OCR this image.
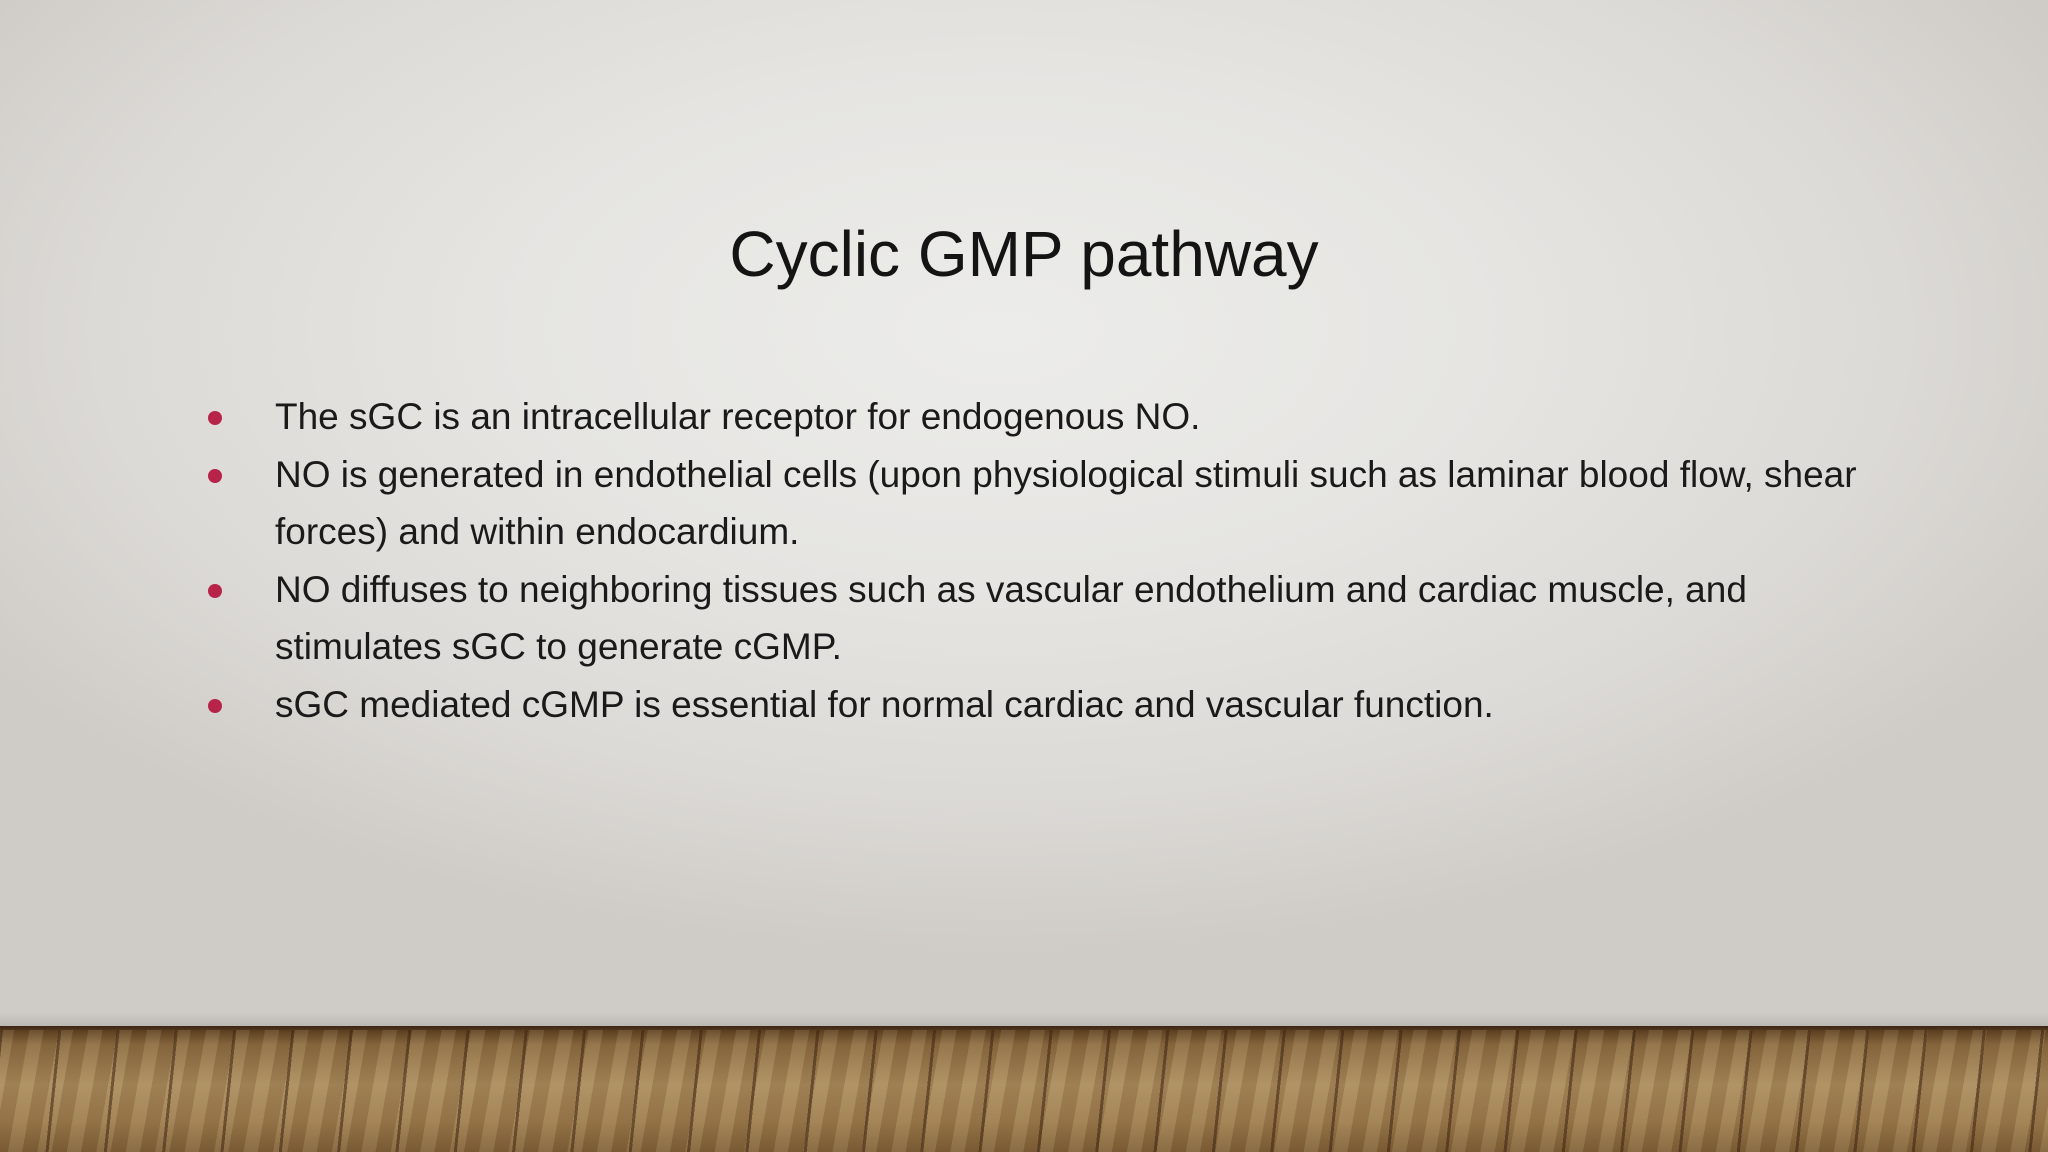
Cyclic GMP pathway
The sGC is an intracellular receptor for endogenous NO.
NO is generated in endothelial cells (upon physiological stimuli such as laminar blood flow, shear forces) and within endocardium.
NO diffuses to neighboring tissues such as vascular endothelium and cardiac muscle, and stimulates sGC to generate cGMP.
sGC mediated cGMP is essential for normal cardiac and vascular function.
